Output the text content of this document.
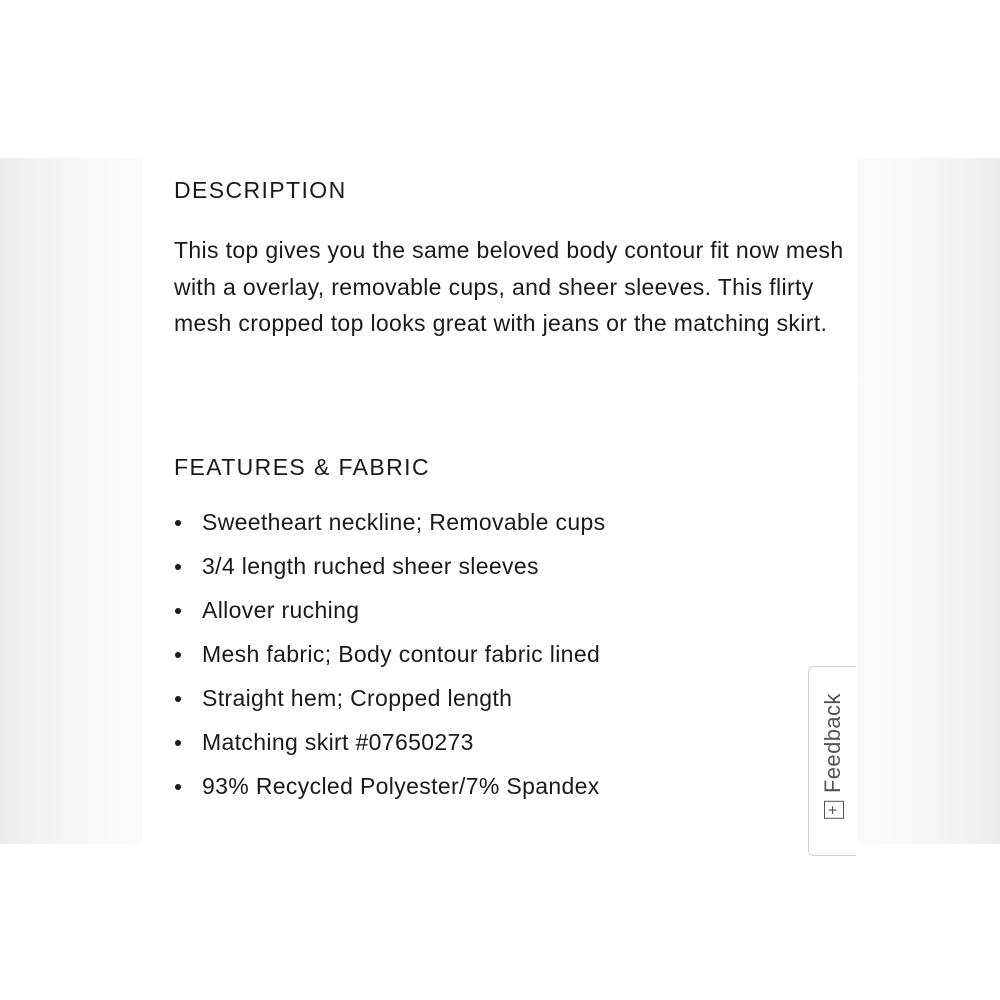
DESCRIPTION

This top gives you the same beloved body contour fit now mesh with a overlay, removable cups, and sheer sleeves. This flirty mesh cropped top looks great with jeans or the matching skirt.

FEATURES & FABRIC
Sweetheart neckline; Removable cups
3/4 length ruched sheer sleeves
Allover ruching
Mesh fabric; Body contour fabric lined
Straight hem; Cropped length
Matching skirt #07650273
93% Recycled Polyester/7% Spandex
+Feedback
